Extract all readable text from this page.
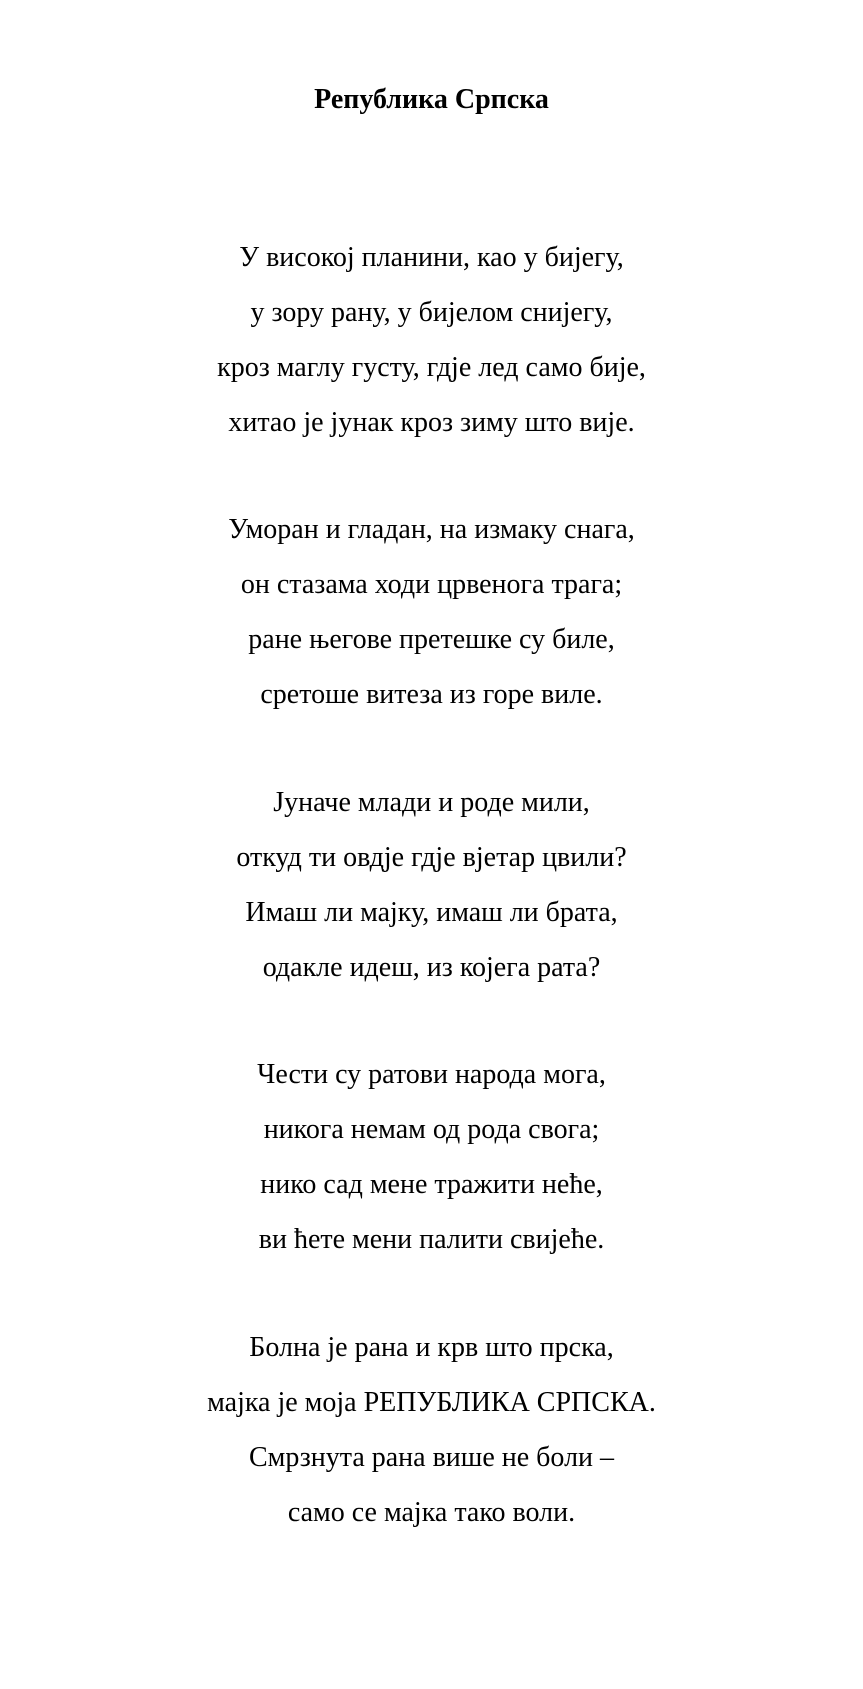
Република Српска
У високој планини, као у бијегу,
у зору рану, у бијелом снијегу,
кроз маглу густу, гдје лед само бије,
хитао је јунак кроз зиму што вије.
Уморан и гладан, на измаку снага,
он стазама ходи црвенога трага;
ране његове претешке су биле,
сретоше витеза из горе виле.
Јуначе млади и роде мили,
откуд ти овдје гдје вјетар цвили?
Имаш ли мајку, имаш ли брата,
одакле идеш, из којега рата?
Чести су ратови народа мога,
никога немам од рода свога;
нико сад мене тражити неће,
ви ћете мени палити свијеће.
Болна је рана и крв што прска,
мајка је моја РЕПУБЛИКА СРПСКА.
Смрзнута рана више не боли –
само се мајка тако воли.
